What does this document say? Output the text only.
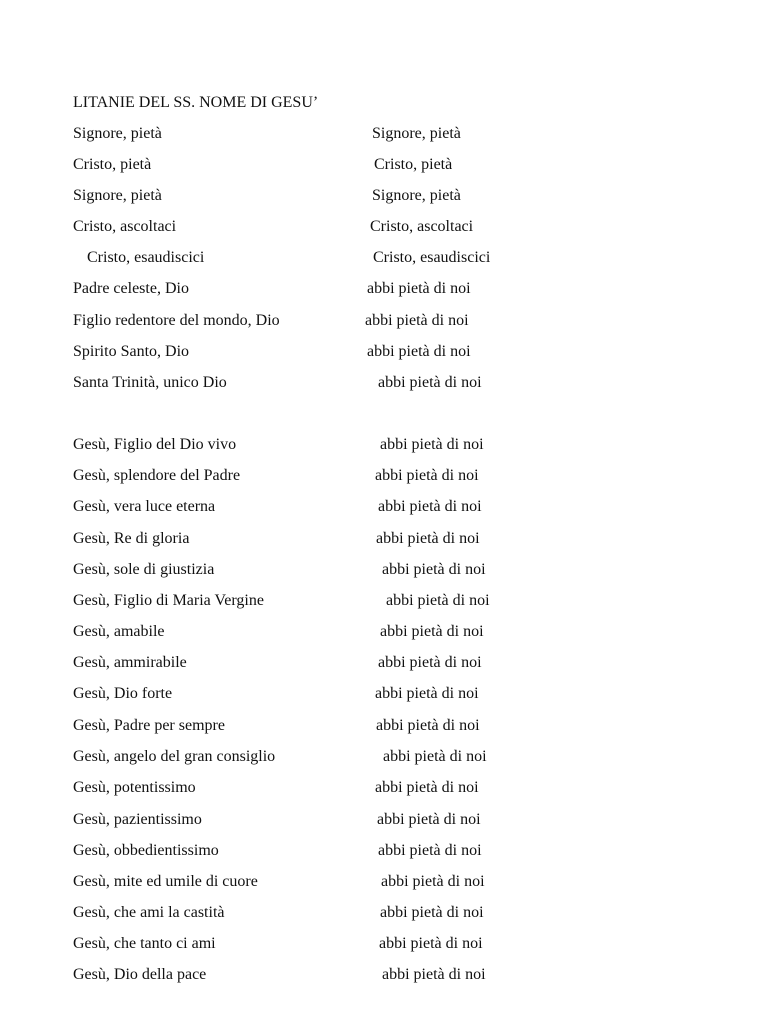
LITANIE DEL SS. NOME DI GESU’
Signore, pietà	Signore, pietà
Cristo, pietà	Cristo, pietà
Signore, pietà	Signore, pietà
Cristo, ascoltaci	Cristo, ascoltaci
Cristo, esaudiscici	Cristo, esaudiscici
Padre celeste, Dio	abbi pietà di noi
Figlio redentore del mondo, Dio	abbi pietà di noi
Spirito Santo, Dio	abbi pietà di noi
Santa Trinità, unico Dio	abbi pietà di noi
Gesù, Figlio del Dio vivo	abbi pietà di noi
Gesù, splendore del Padre	abbi pietà di noi
Gesù, vera luce eterna	abbi pietà di noi
Gesù, Re di gloria	abbi pietà di noi
Gesù, sole di giustizia	abbi pietà di noi
Gesù, Figlio di Maria Vergine	abbi pietà di noi
Gesù, amabile	abbi pietà di noi
Gesù, ammirabile	abbi pietà di noi
Gesù, Dio forte	abbi pietà di noi
Gesù, Padre per sempre	abbi pietà di noi
Gesù, angelo del gran consiglio	abbi pietà di noi
Gesù, potentissimo	abbi pietà di noi
Gesù, pazientissimo	abbi pietà di noi
Gesù, obbedientissimo	abbi pietà di noi
Gesù, mite ed umile di cuore	abbi pietà di noi
Gesù, che ami la castità	abbi pietà di noi
Gesù, che tanto ci ami	abbi pietà di noi
Gesù, Dio della pace	abbi pietà di noi
